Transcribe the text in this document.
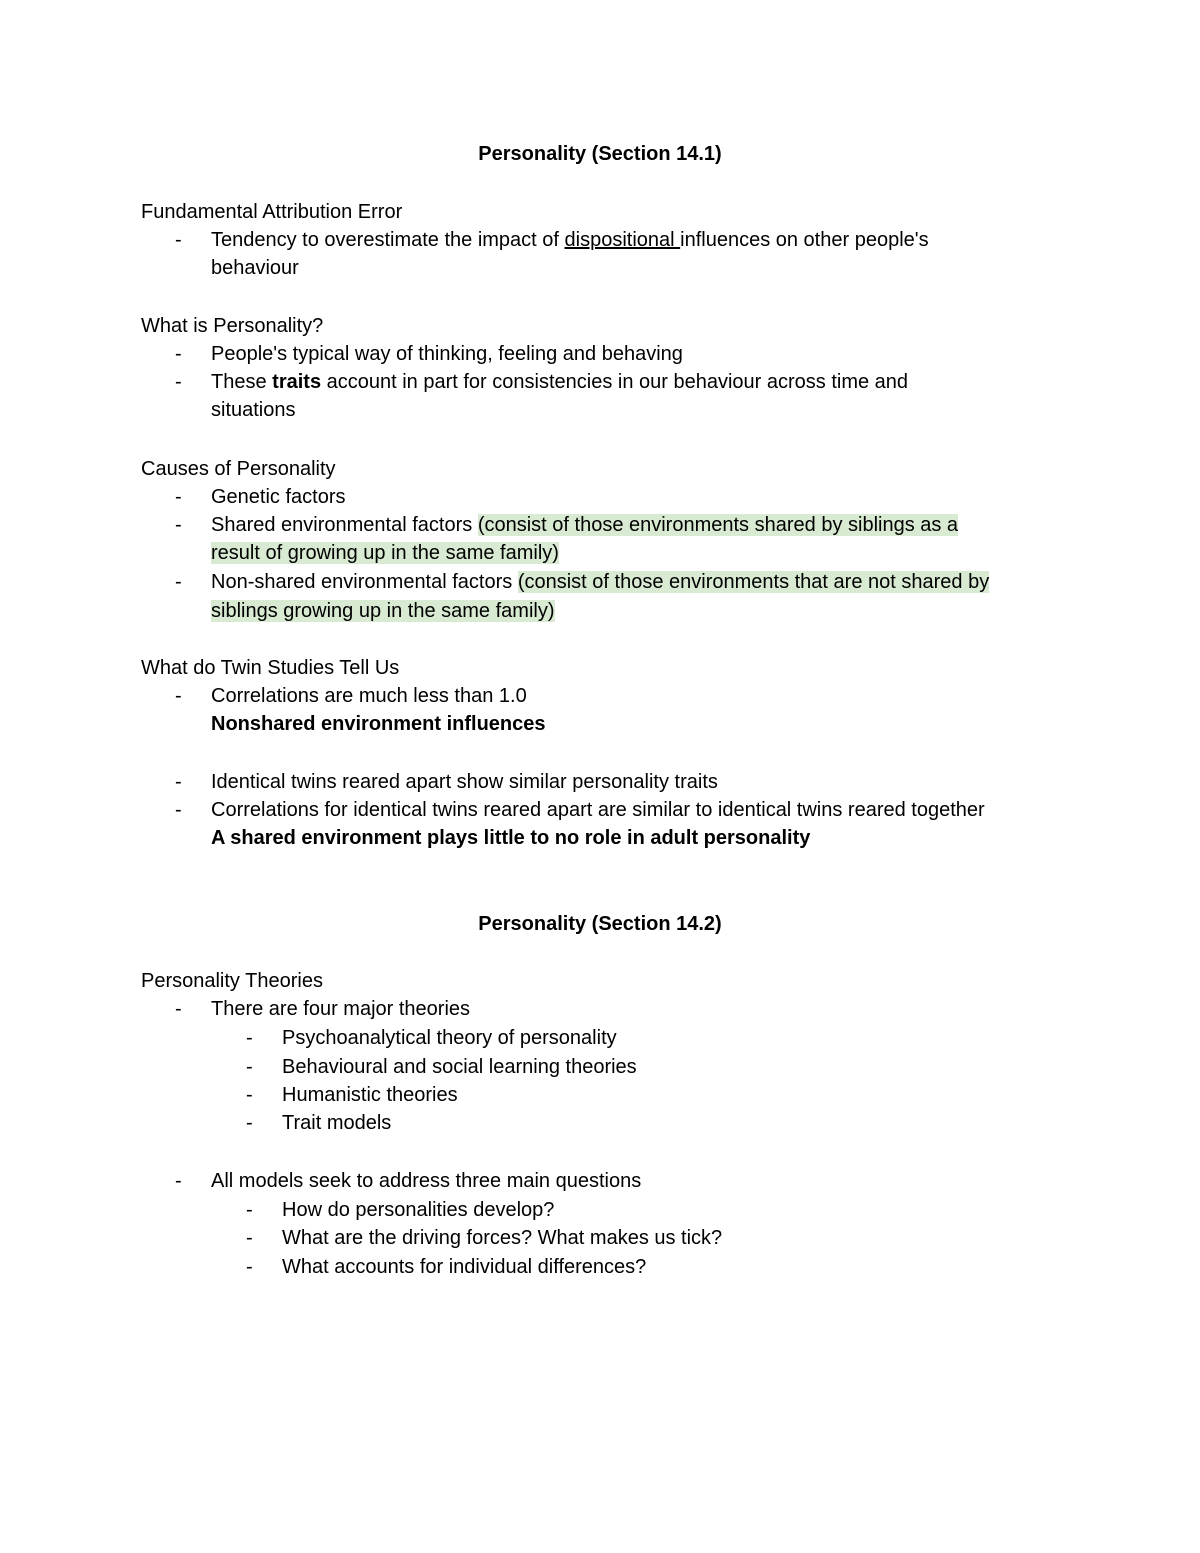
Personality (Section 14.1)
Fundamental Attribution Error
- Tendency to overestimate the impact of dispositional influences on other people's
behaviour
What is Personality?
- People's typical way of thinking, feeling and behaving
- These traits account in part for consistencies in our behaviour across time and
situations
Causes of Personality
- Genetic factors
- Shared environmental factors (consist of those environments shared by siblings as a
result of growing up in the same family)
- Non-shared environmental factors (consist of those environments that are not shared by
siblings growing up in the same family)
What do Twin Studies Tell Us
- Correlations are much less than 1.0
Nonshared environment influences
- Identical twins reared apart show similar personality traits
- Correlations for identical twins reared apart are similar to identical twins reared together
A shared environment plays little to no role in adult personality
Personality (Section 14.2)
Personality Theories
- There are four major theories
- Psychoanalytical theory of personality
- Behavioural and social learning theories
- Humanistic theories
- Trait models
- All models seek to address three main questions
- How do personalities develop?
- What are the driving forces? What makes us tick?
- What accounts for individual differences?
